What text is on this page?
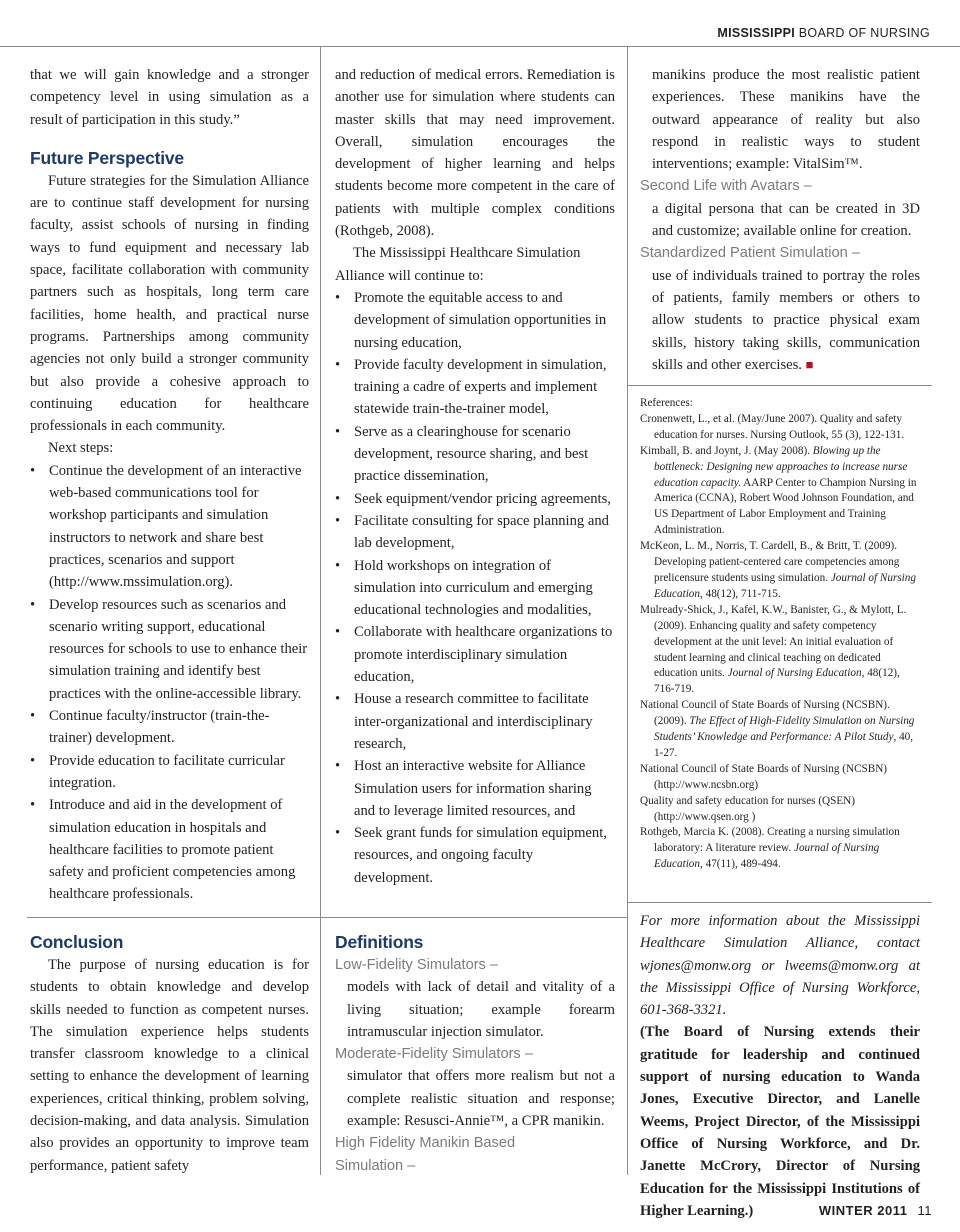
MISSISSIPPI BOARD OF NURSING

that we will gain knowledge and a stronger competency level in using simulation as a result of participation in this study.”

Future Perspective

Future strategies for the Simulation Alliance are to continue staff development for nursing faculty, assist schools of nursing in finding ways to fund equipment and necessary lab space, facilitate collaboration with community partners such as hospitals, long term care facilities, home health, and practical nurse programs. Partnerships among community agencies not only build a stronger community but also provide a cohesive approach to continuing education for healthcare professionals in each community.

Next steps:

• Continue the development of an interactive web-based communications tool for workshop participants and simulation instructors to network and share best practices, scenarios and support (http://www.mssimulation.org).
• Develop resources such as scenarios and scenario writing support, educational resources for schools to use to enhance their simulation training and identify best practices with the online-accessible library.
• Continue faculty/instructor (train-the-trainer) development.
• Provide education to facilitate curricular integration.
• Introduce and aid in the development of simulation education in hospitals and healthcare facilities to promote patient safety and proficient competencies among healthcare professionals.
Conclusion

The purpose of nursing education is for students to obtain knowledge and develop skills needed to function as competent nurses. The simulation experience helps students transfer classroom knowledge to a clinical setting to enhance the development of learning experiences, critical thinking, problem solving, decision-making, and data analysis. Simulation also provides an opportunity to improve team performance, patient safety

and reduction of medical errors. Remediation is another use for simulation where students can master skills that may need improvement. Overall, simulation encourages the development of higher learning and helps students become more competent in the care of patients with multiple complex conditions (Rothgeb, 2008).

The Mississippi Healthcare Simulation Alliance will continue to:

• Promote the equitable access to and development of simulation opportunities in nursing education,
• Provide faculty development in simulation, training a cadre of experts and implement statewide train-the-trainer model,
• Serve as a clearinghouse for scenario development, resource sharing, and best practice dissemination,
• Seek equipment/vendor pricing agreements,
• Facilitate consulting for space planning and lab development,
• Hold workshops on integration of simulation into curriculum and emerging educational technologies and modalities,
• Collaborate with healthcare organizations to promote interdisciplinary simulation education,
• House a research committee to facilitate inter-organizational and interdisciplinary research,
• Host an interactive website for Alliance Simulation users for information sharing and to leverage limited resources, and
• Seek grant funds for simulation equipment, resources, and ongoing faculty development.
Definitions
Low-Fidelity Simulators –

models with lack of detail and vitality of a living situation; example forearm intramuscular injection simulator.

Moderate-Fidelity Simulators –

simulator that offers more realism but not a complete realistic situation and response; example: Resusci-Annie™, a CPR manikin.

High Fidelity Manikin Based Simulation –

manikins produce the most realistic patient experiences. These manikins have the outward appearance of reality but also respond in realistic ways to student interventions; example: VitalSim™.

Second Life with Avatars –

a digital persona that can be created in 3D and customize; available online for creation.

Standardized Patient Simulation –

use of individuals trained to portray the roles of patients, family members or others to allow students to practice physical exam skills, history taking skills, communication skills and other exercises. ■

References:
Cronenwett, L., et al. (May/June 2007). Quality and safety education for nurses. Nursing Outlook, 55 (3), 122-131.
Kimball, B. and Joynt, J. (May 2008). Blowing up the bottleneck: Designing new approaches to increase nurse education capacity. AARP Center to Champion Nursing in America (CCNA), Robert Wood Johnson Foundation, and US Department of Labor Employment and Training Administration.
McKeon, L. M., Norris, T. Cardell, B., & Britt, T. (2009). Developing patient-centered care competencies among prelicensure students using simulation. Journal of Nursing Education, 48(12), 711-715.
Mulready-Shick, J., Kafel, K.W., Banister, G., & Mylott, L. (2009). Enhancing quality and safety competency development at the unit level: An initial evaluation of student learning and clinical teaching on dedicated education units. Journal of Nursing Education, 48(12), 716-719.
National Council of State Boards of Nursing (NCSBN). (2009). The Effect of High-Fidelity Simulation on Nursing Students’ Knowledge and Performance: A Pilot Study, 40, 1-27.
National Council of State Boards of Nursing (NCSBN) (http://www.ncsbn.org)
Quality and safety education for nurses (QSEN) (http://www.qsen.org )
Rothgeb, Marcia K. (2008). Creating a nursing simulation laboratory: A literature review. Journal of Nursing Education, 47(11), 489-494.

For more information about the Mississippi Healthcare Simulation Alliance, contact wjones@monw.org or lweems@monw.org at the Mississippi Office of Nursing Workforce, 601-368-3321.

(The Board of Nursing extends their gratitude for leadership and continued support of nursing education to Wanda Jones, Executive Director, and Lanelle Weems, Project Director, of the Mississippi Office of Nursing Workforce, and Dr. Janette McCrory, Director of Nursing Education for the Mississippi Institutions of Higher Learning.)	WINTER 2011 11
